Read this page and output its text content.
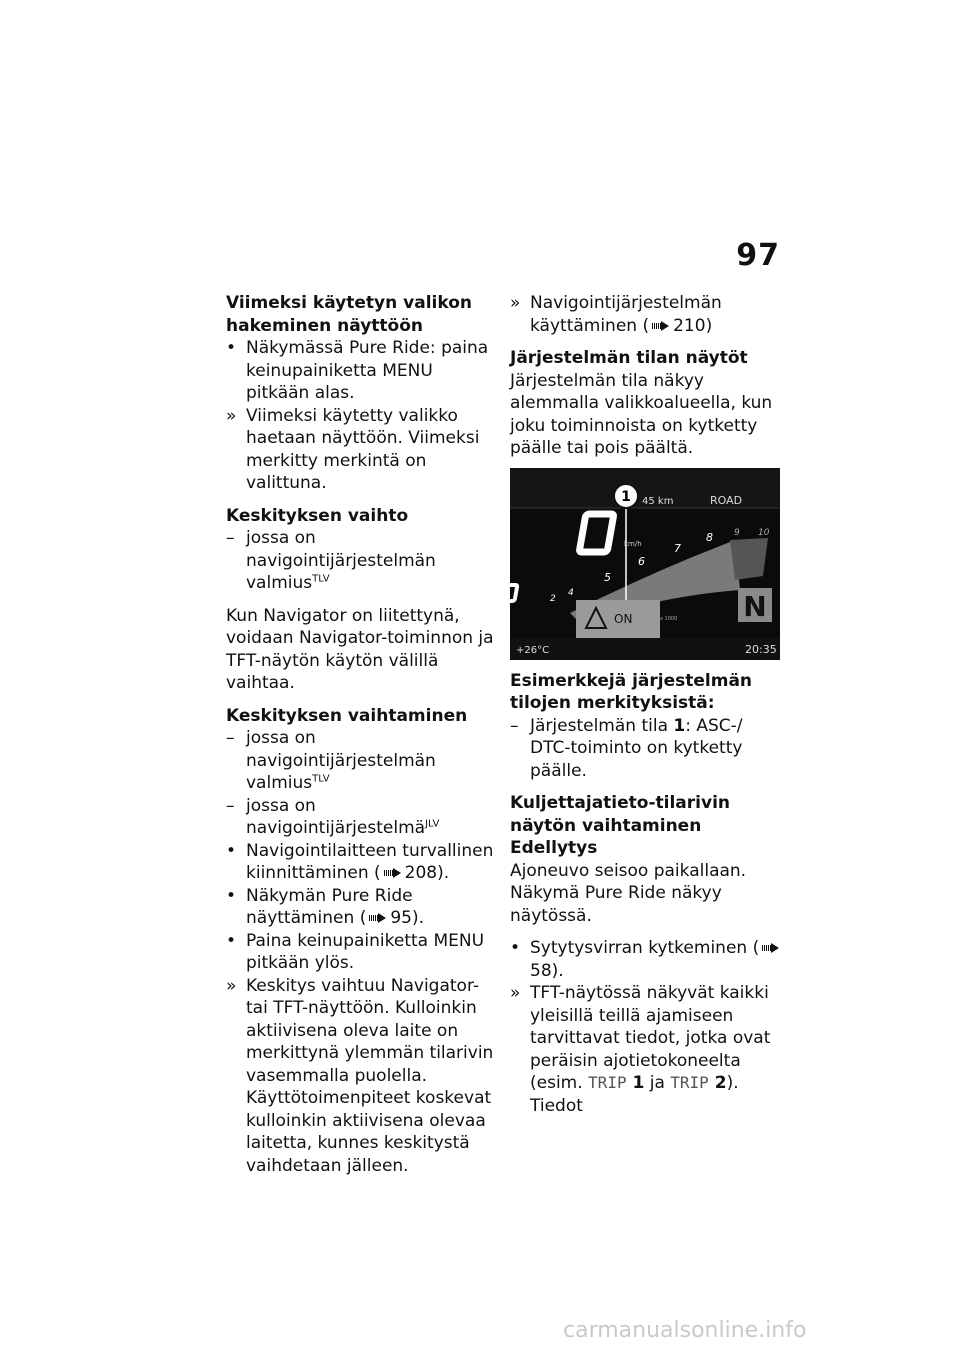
97

Viimeksi käytetyn valikon hakeminen näyttöön

• Näkymässä Pure Ride: paina keinupainiketta MENU pitkään alas.
» Viimeksi käytetty valikko haetaan näyttöön. Viimeksi merkitty merkintä on valittuna.

Keskityksen vaihto

– jossa on navigointijärjestelmän valmius$^{TLV}$

Kun Navigator on liitettynä, voidaan Navigator-toiminnon ja TFT-näytön käytön välillä vaihtaa.

Keskityksen vaihtaminen

– jossa on navigointijärjestelmän valmius$^{TLV}$
– jossa on navigointijärjestelmä$^{JLV}$
• Navigointilaitteen turvallinen kiinnittäminen ( 208).
• Näkymän Pure Ride näyttäminen ( 95).
• Paina keinupainiketta MENU pitkään ylös.
» Keskitys vaihtuu Navigator- tai TFT-näyttöön. Kulloinkin aktiivisena oleva laite on merkittynä ylemmän tilarivin vasemmalla puolella. Käyttötoimenpiteet koskevat kulloinkin aktiivisena olevaa laitetta, kunnes keskitystä vaihdetaan jälleen.
» Navigointijärjestelmän käyttäminen ( 210)

Järjestelmän tilan näytöt

Järjestelmän tila näkyy alemmalla valikkoalueella, kun joku toiminnoista on kytketty päälle tai pois päältä.

1 45 km	ROAD
km/h
2
4
5
6
7
8 9 10
ON	x 1000
+26°C
N
20:35

Esimerkkejä järjestelmän tilojen merkityksistä:

– Järjestelmän tila 1: ASC-/ DTC-toiminto on kytketty päälle.

Kuljettajatieto-tilarivin näytön vaihtaminen

Edellytys

Ajoneuvo seisoo paikallaan. Näkymä Pure Ride näkyy näytössä.

• Sytytysvirran kytkeminen (58).
» TFT-näytössä näkyvät kaikki yleisillä teillä ajamiseen tarvittavat tiedot, jotka ovat peräisin ajotietokoneelta (esim. TRIP 1 ja TRIP 2). Tiedot
carmanualsonline.info
